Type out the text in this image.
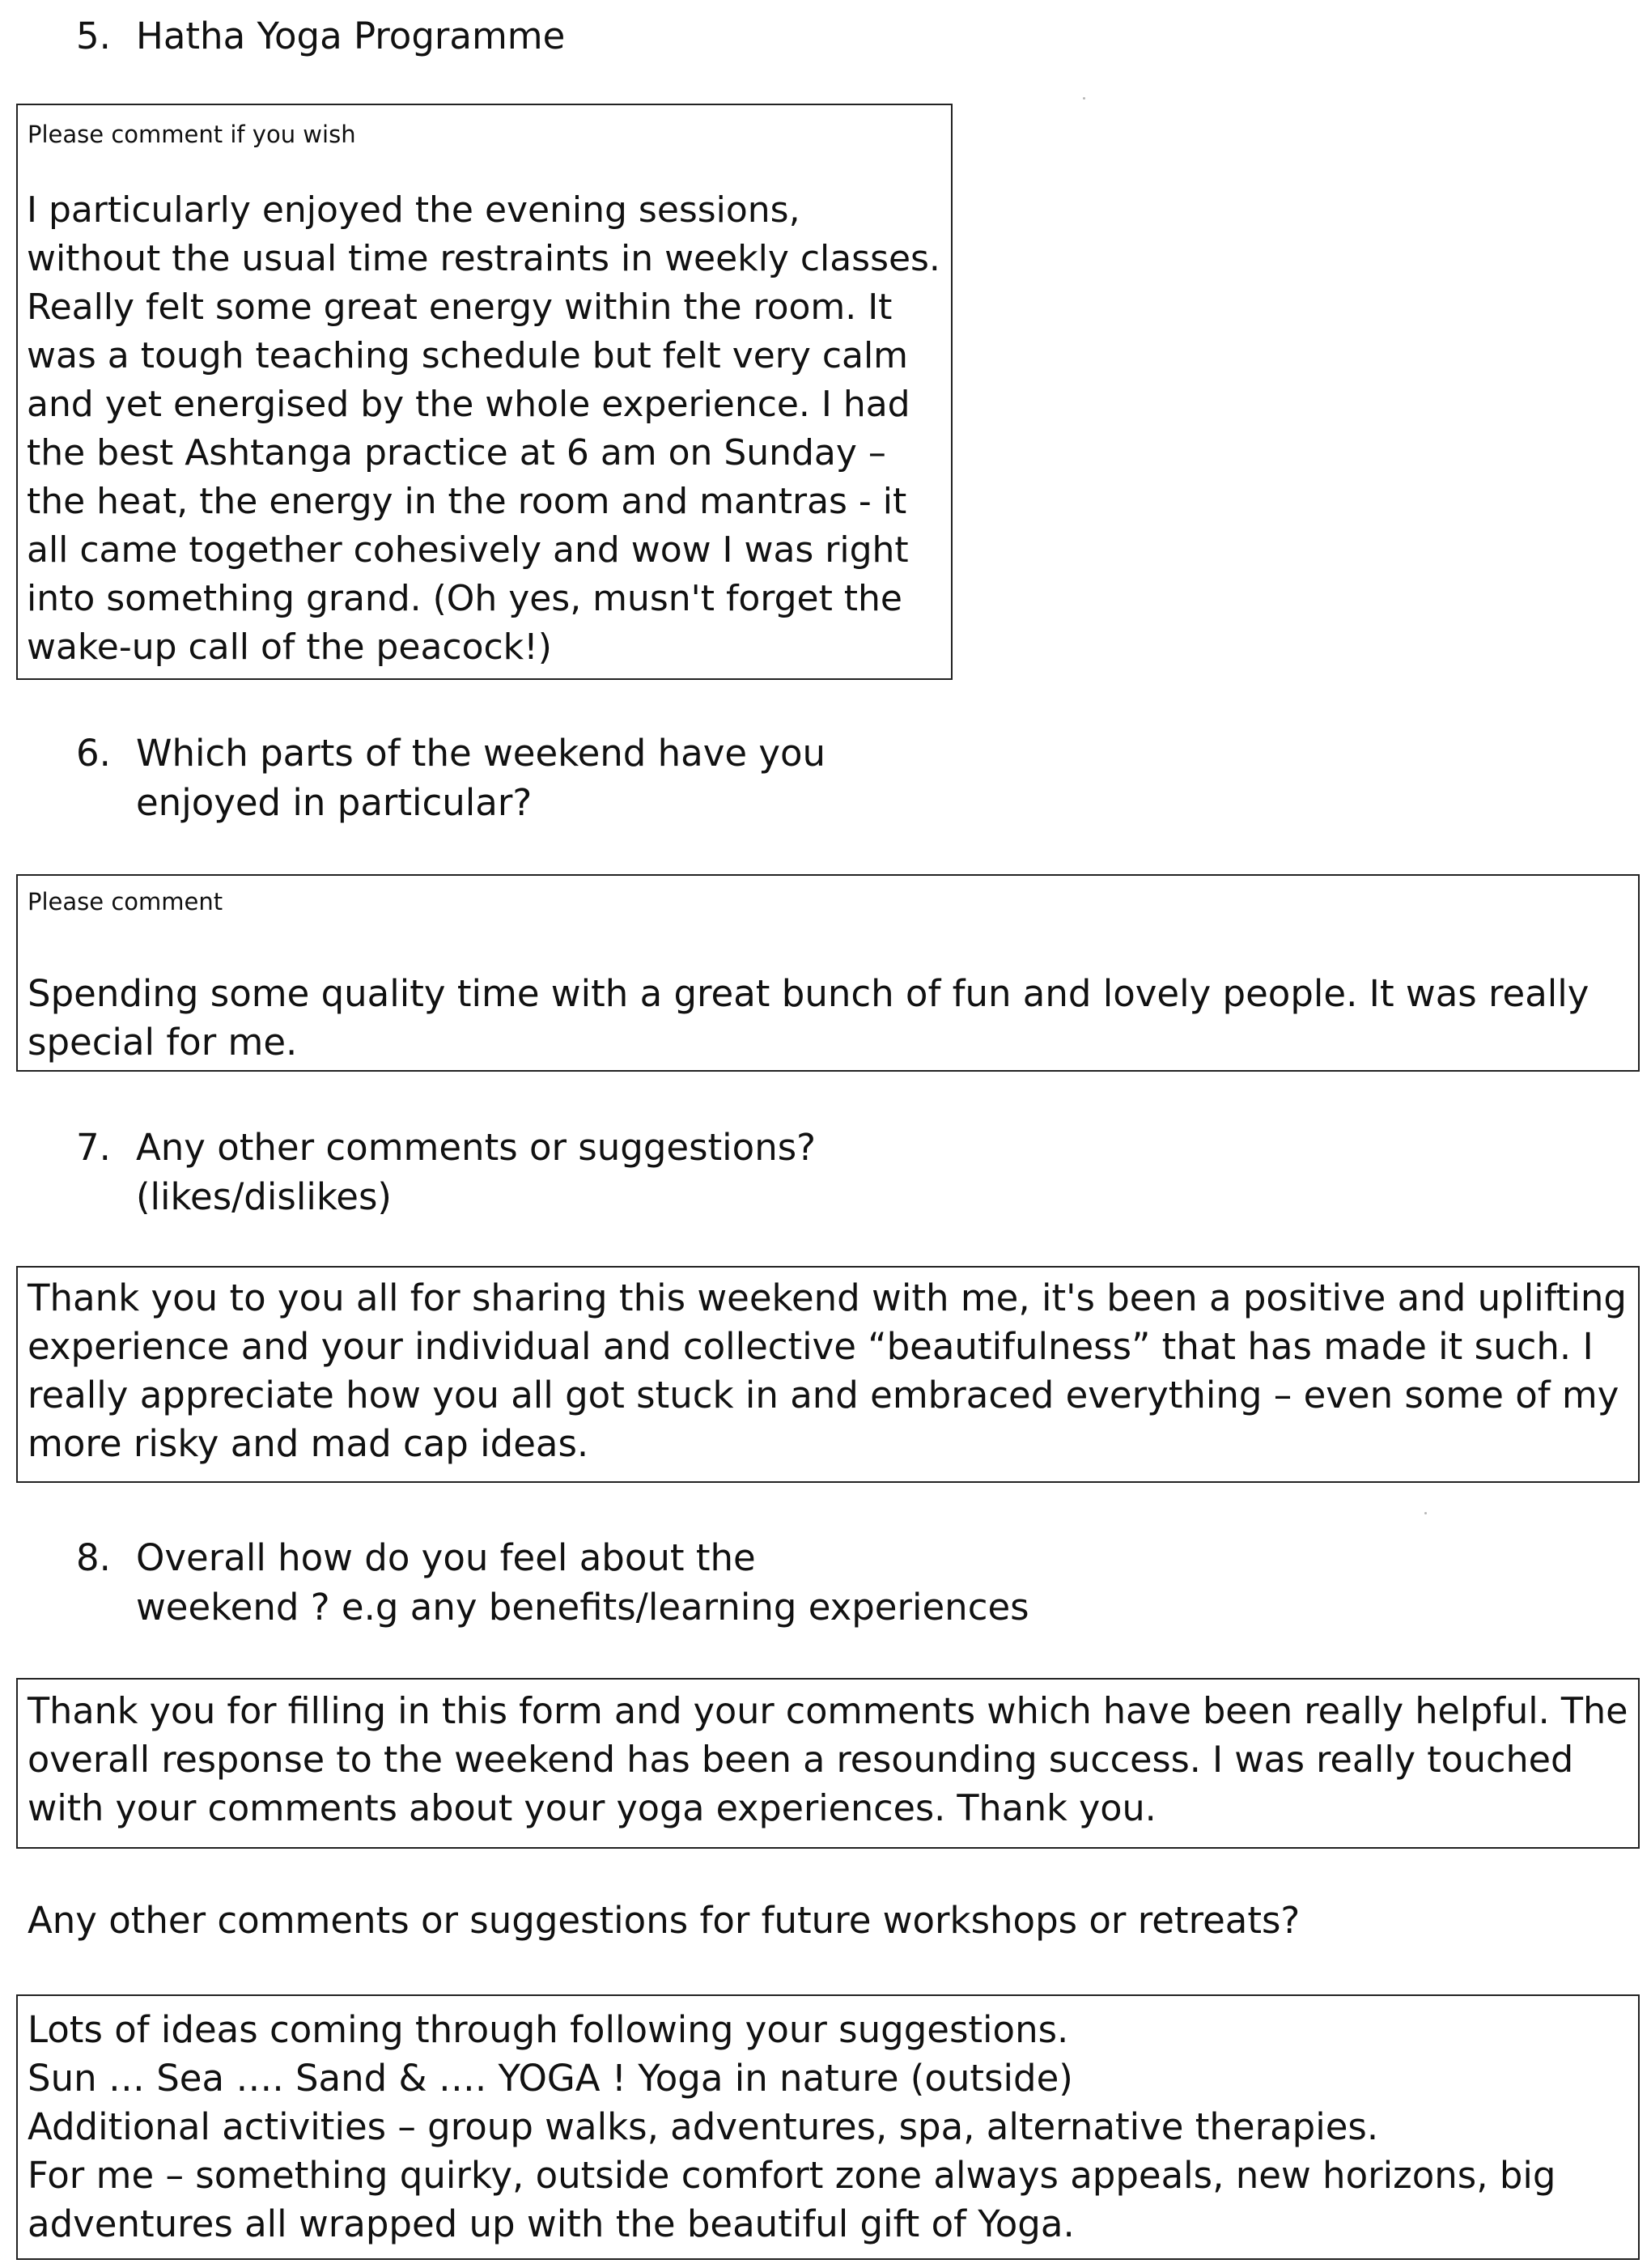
5. Hatha Yoga Programme
Please comment if you wish
I particularly enjoyed the evening sessions,
without the usual time restraints in weekly classes.
Really felt some great energy within the room. It
was a tough teaching schedule but felt very calm
and yet energised by the whole experience. I had
the best Ashtanga practice at 6 am on Sunday –
the heat, the energy in the room and mantras - it
all came together cohesively and wow I was right
into something grand. (Oh yes, musn't forget the
wake-up call of the peacock!)
6. Which parts of the weekend have you
enjoyed in particular?
Please comment
Spending some quality time with a great bunch of fun and lovely people. It was really
special for me.
7. Any other comments or suggestions?
(likes/dislikes)
Thank you to you all for sharing this weekend with me, it's been a positive and uplifting
experience and your individual and collective “beautifulness” that has made it such. I
really appreciate how you all got stuck in and embraced everything – even some of my
more risky and mad cap ideas.
8. Overall how do you feel about the
weekend ? e.g any benefits/learning experiences
Thank you for filling in this form and your comments which have been really helpful. The
overall response to the weekend has been a resounding success. I was really touched
with your comments about your yoga experiences. Thank you.
Any other comments or suggestions for future workshops or retreats?
Lots of ideas coming through following your suggestions.
Sun … Sea …. Sand & …. YOGA ! Yoga in nature (outside)
Additional activities – group walks, adventures, spa, alternative therapies.
For me – something quirky, outside comfort zone always appeals, new horizons, big
adventures all wrapped up with the beautiful gift of Yoga.
